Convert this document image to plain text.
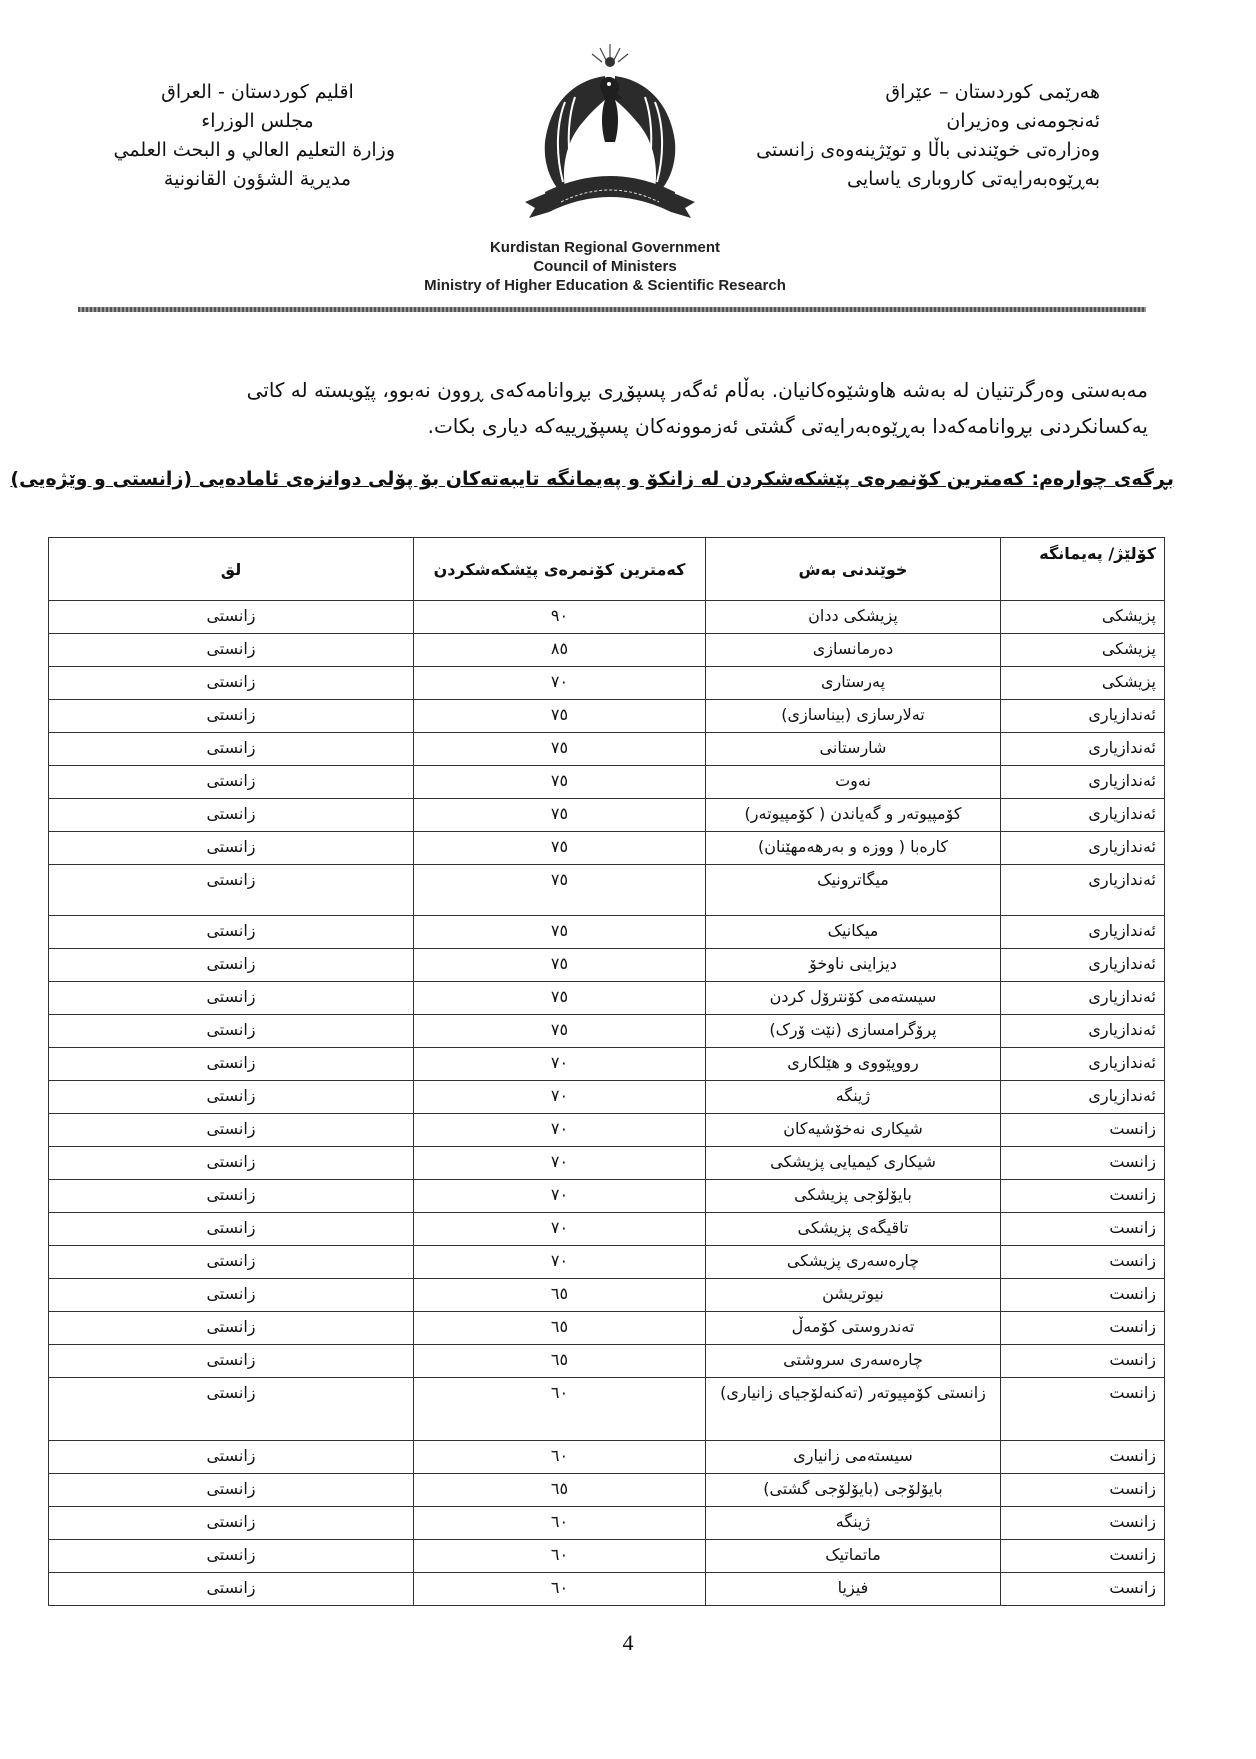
هەرێمی کوردستان – عێراق
ئەنجومەنی وەزیران
وەزارەتی خوێندنی باڵا و توێژینەوەی زانستی
بەڕێوەبەرایەتی کاروباری یاسایی
اقليم كوردستان - العراق
مجلس الوزراء
وزارة التعليم العالي و البحث العلمي
مديرية الشؤون القانونية
Kurdistan Regional Government
Council of Ministers
Ministry of Higher Education & Scientific Research
مەبەستی وەرگرتنیان لە بەشە هاوشێوەکانیان. بەڵام ئەگەر پسپۆڕی بڕوانامەکەی ڕوون نەبوو، پێویستە لە کاتی
یەکسانکردنی بڕوانامەکەدا بەڕێوەبەرایەتی گشتی ئەزموونەکان پسپۆڕییەکە دیاری بکات.
بڕگەی چوارەم: کەمترین کۆنمرەی پێشکەشکردن لە زانکۆ و پەیمانگە تایبەتەکان بۆ پۆلی دوانزەی ئامادەیی (زانستی و وێژەیی)
کۆلێژ/ پەیمانگە	خوێندنی بەش	کەمترین کۆنمرەی پێشکەشکردن	لق
پزیشکی	پزیشکی ددان	٩٠	زانستی
پزیشکی	دەرمانسازی	٨٥	زانستی
پزیشکی	پەرستاری	٧٠	زانستی
ئەندازیاری	تەلارسازی (بیناسازی)	٧٥	زانستی
ئەندازیاری	شارستانی	٧٥	زانستی
ئەندازیاری	نەوت	٧٥	زانستی
ئەندازیاری	کۆمپیوتەر و گەیاندن ( کۆمپیوتەر)	٧٥	زانستی
ئەندازیاری	کارەبا ( ووزە و بەرهەمهێنان)	٧٥	زانستی
ئەندازیاری	میگاترونیک	٧٥	زانستی
ئەندازیاری	میکانیک	٧٥	زانستی
ئەندازیاری	دیزاینی ناوخۆ	٧٥	زانستی
ئەندازیاری	سیستەمی کۆنترۆل کردن	٧٥	زانستی
ئەندازیاری	پرۆگرامسازی (نێت ۆرک)	٧٥	زانستی
ئەندازیاری	رووپێووی و هێلکاری	٧٠	زانستی
ئەندازیاری	ژینگە	٧٠	زانستی
زانست	شیکاری نەخۆشیەکان	٧٠	زانستی
زانست	شیکاری کیمیایی پزیشکی	٧٠	زانستی
زانست	بایۆلۆجی پزیشکی	٧٠	زانستی
زانست	تاقیگەی پزیشکی	٧٠	زانستی
زانست	چارەسەری پزیشکی	٧٠	زانستی
زانست	نیوتریشن	٦٥	زانستی
زانست	تەندروستی کۆمەڵ	٦٥	زانستی
زانست	چارەسەری سروشتی	٦٥	زانستی
زانست	زانستی کۆمپیوتەر (تەکنەلۆجیای زانیاری)	٦٠	زانستی
زانست	سیستەمی زانیاری	٦٠	زانستی
زانست	بایۆلۆجی (بایۆلۆجی گشتی)	٦٥	زانستی
زانست	ژینگە	٦٠	زانستی
زانست	ماتماتیک	٦٠	زانستی
زانست	فیزیا	٦٠	زانستی
4
